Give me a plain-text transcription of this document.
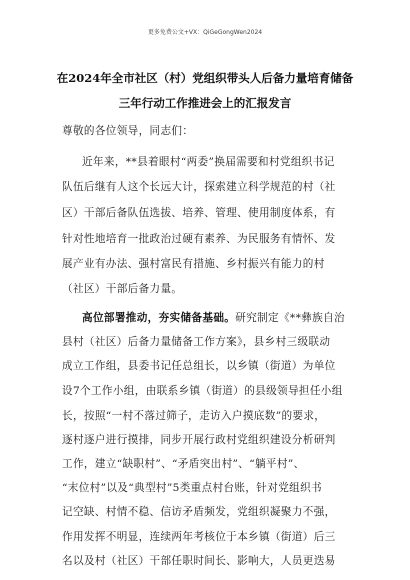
更多免费公文+VX：QiGeGongWen2024
在2024年全市社区（村）党组织带头人后备力量培育储备
三年行动工作推进会上的汇报发言
尊敬的各位领导，同志们：
近年来，**县着眼村“两委”换届需要和村党组织书记
队伍后继有人这个长远大计，探索建立科学规范的村（社
区）干部后备队伍选拔、培养、管理、使用制度体系，有
针对性地培育一批政治过硬有素养、为民服务有情怀、发
展产业有办法、强村富民有措施、乡村振兴有能力的村
（社区）干部后备力量。
高位部署推动，夯实储备基础。研究制定《**彝族自治
县村（社区）后备力量储备工作方案》，县乡村三级联动
成立工作组，县委书记任总组长，以乡镇（街道）为单位
设7个工作小组，由联系乡镇（街道）的县级领导担任小组
长，按照“一村不落过筛子，走访入户摸底数”的要求，
逐村逐户进行摸排，同步开展行政村党组织建设分析研判
工作，建立“缺职村”、“矛盾突出村”、“躺平村”、
“末位村”以及“典型村”5类重点村台账，针对党组织书
记空缺、村情不稳、信访矛盾频发，党组织凝聚力不强，
作用发挥不明显，连续两年考核位于本乡镇（街道）后三
名以及村（社区）干部任职时间长、影响大，人员更迭易
